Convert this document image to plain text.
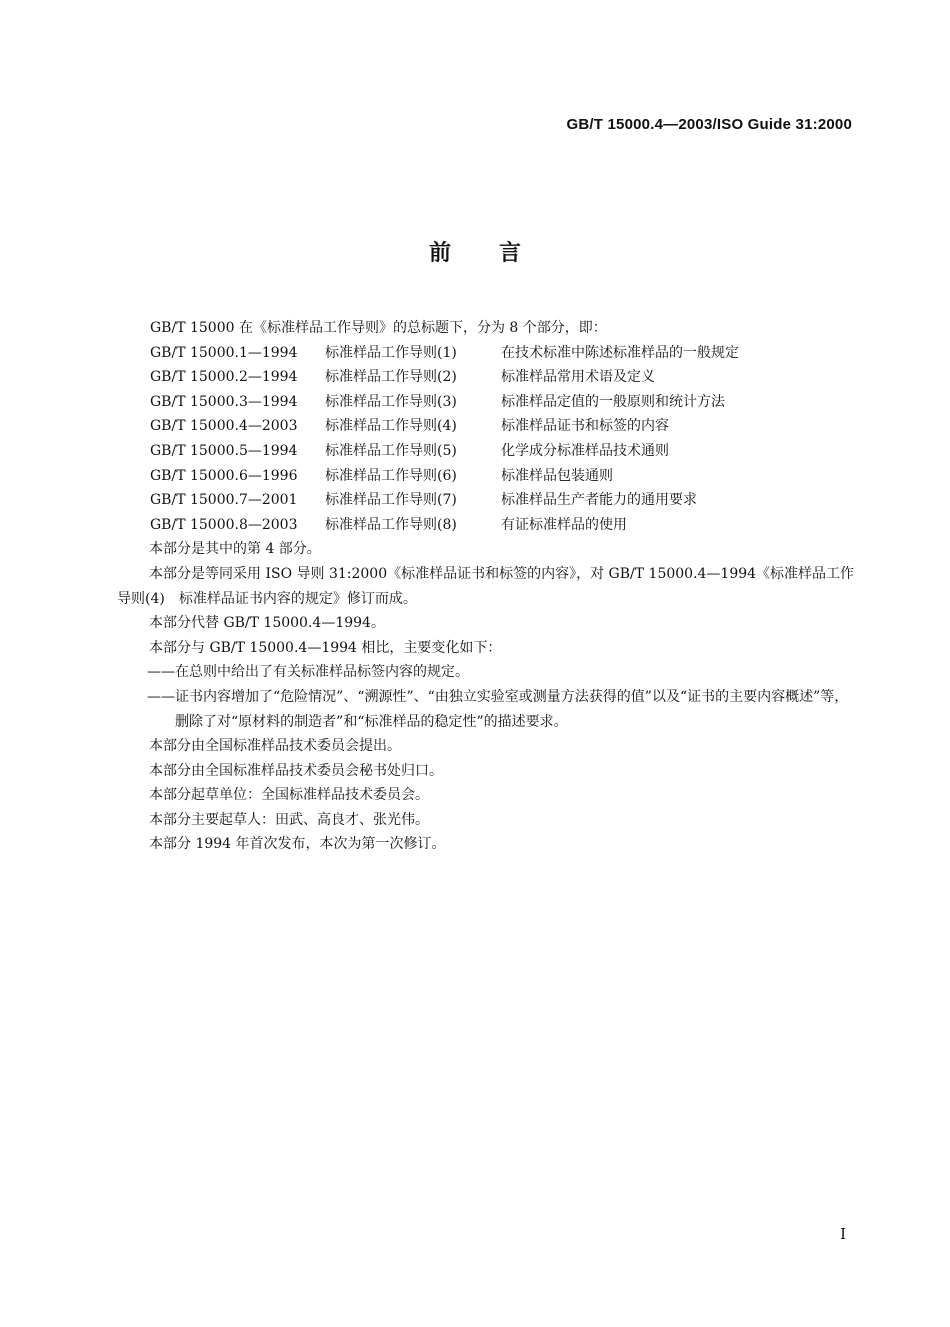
GB/T 15000.4—2003/ISO Guide 31:2000
前言
GB/T 15000 在《标准样品工作导则》的总标题下，分为 8 个部分，即：
GB/T 15000.1—1994	标准样品工作导则(1)	在技术标准中陈述标准样品的一般规定
GB/T 15000.2—1994	标准样品工作导则(2)	标准样品常用术语及定义
GB/T 15000.3—1994	标准样品工作导则(3)	标准样品定值的一般原则和统计方法
GB/T 15000.4—2003	标准样品工作导则(4)	标准样品证书和标签的内容
GB/T 15000.5—1994	标准样品工作导则(5)	化学成分标准样品技术通则
GB/T 15000.6—1996	标准样品工作导则(6)	标准样品包装通则
GB/T 15000.7—2001	标准样品工作导则(7)	标准样品生产者能力的通用要求
GB/T 15000.8—2003	标准样品工作导则(8)	有证标准样品的使用
本部分是其中的第 4 部分。
本部分是等同采用 ISO 导则 31:2000《标准样品证书和标签的内容》，对 GB/T 15000.4—1994《标准样品工作导则(4)　标准样品证书内容的规定》修订而成。
本部分代替 GB/T 15000.4—1994。
本部分与 GB/T 15000.4—1994 相比，主要变化如下：
——在总则中给出了有关标准样品标签内容的规定。
——证书内容增加了“危险情况”、“溯源性”、“由独立实验室或测量方法获得的值”以及“证书的主要内容概述”等，删除了对“原材料的制造者”和“标准样品的稳定性”的描述要求。
本部分由全国标准样品技术委员会提出。
本部分由全国标准样品技术委员会秘书处归口。
本部分起草单位：全国标准样品技术委员会。
本部分主要起草人：田武、高良才、张光伟。
本部分 1994 年首次发布，本次为第一次修订。
I
